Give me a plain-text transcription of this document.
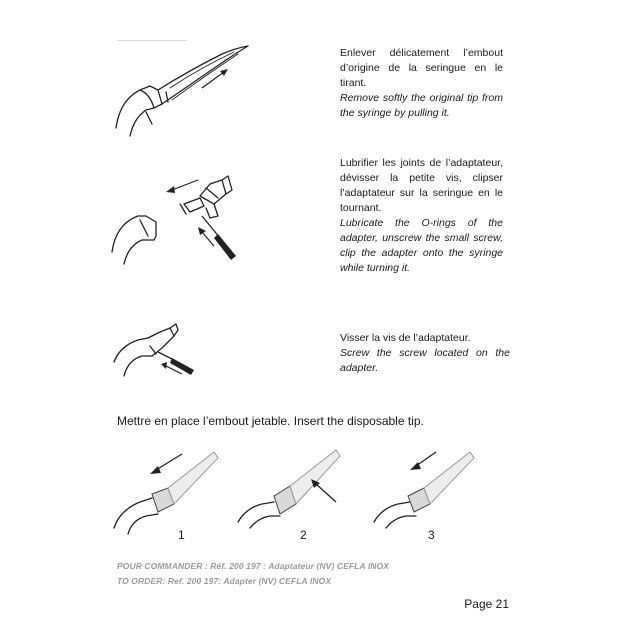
Enlever délicatement l’embout d’origine de la seringue en le tirant.
Remove softly the original tip from the syringe by pulling it.
Lubrifier les joints de l’adaptateur, dévisser la petite vis, clipser l’adaptateur sur la seringue en le tournant.
Lubricate the O-rings of the adapter, unscrew the small screw, clip the adapter onto the syringe while turning it.
Visser la vis de l’adaptateur.
Screw the screw located on the adapter.
Mettre en place l’embout jetable. Insert the disposable tip.
1	2	3
POUR COMMANDER : Réf. 200 197 : Adaptateur (NV) CEFLA INOX
TO ORDER: Ref. 200 197: Adapter (NV) CEFLA INOX
Page 21
